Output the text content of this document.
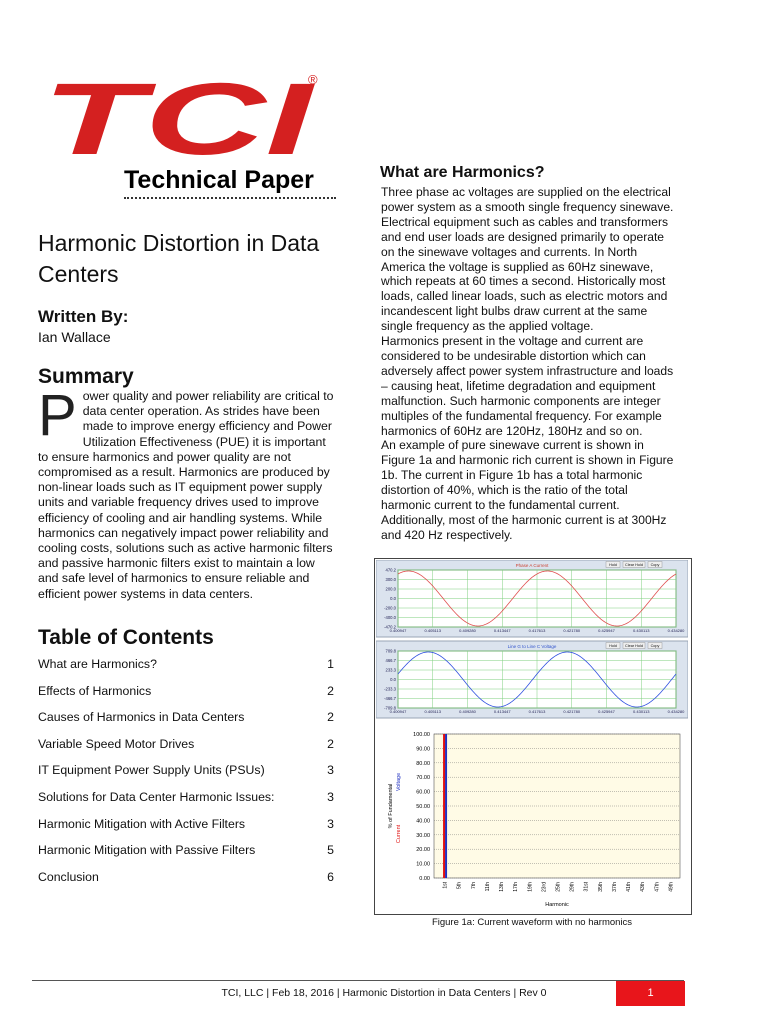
TCI
®
Technical Paper
Harmonic Distortion in Data Centers
Written By:
Ian Wallace
Summary
Power quality and power reliability are critical to data center operation. As strides have been made to improve energy efficiency and Power Utilization Effectiveness (PUE) it is important to ensure harmonics and power quality are not compromised as a result. Harmonics are produced by non-linear loads such as IT equipment power supply units and variable frequency drives used to improve efficiency of cooling and air handling systems. While harmonics can negatively impact power reliability and cooling costs, solutions such as active harmonic filters and passive harmonic filters exist to maintain a low and safe level of harmonics to ensure reliable and efficient power systems in data centers.
Table of Contents
What are Harmonics?	1
Effects of Harmonics	2
Causes of Harmonics in Data Centers	2
Variable Speed Motor Drives	2
IT Equipment Power Supply Units (PSUs)	3
Solutions for Data Center Harmonic Issues:	3
Harmonic Mitigation with Active Filters	3
Harmonic Mitigation with Passive Filters	5
Conclusion	6
What are Harmonics?
Three phase ac voltages are supplied on the electrical power system as a smooth single frequency sinewave. Electrical equipment such as cables and transformers and end user loads are designed primarily to operate on the sinewave voltages and currents. In North America the voltage is supplied as 60Hz sinewave, which repeats at 60 times a second. Historically most loads, called linear loads, such as electric motors and incandescent light bulbs draw current at the same single frequency as the applied voltage.
Harmonics present in the voltage and current are considered to be undesirable distortion which can adversely affect power system infrastructure and loads – causing heat, lifetime degradation and equipment malfunction. Such harmonic components are integer multiples of the fundamental frequency. For example harmonics of 60Hz are 120Hz, 180Hz and so on.
An example of pure sinewave current is shown in Figure 1a and harmonic rich current is shown in Figure 1b. The current in Figure 1b has a total harmonic distortion of 40%, which is the ratio of the total harmonic current to the fundamental current. Additionally, most of the harmonic current is at 300Hz and 420 Hz respectively.
Phase A Current	Hold Clear Hold Copy
470.2
300.0
200.0
0.0
-200.0
-400.0
-470.2
0.400947	0.405113	0.409280	0.413447	0.417613	0.421780	0.425947	0.430113	0.434280
Line G to Line C Voltage	Hold Clear Hold Copy
709.8
466.7
233.3
0.0
-233.3
-466.7
-709.8
0.400947	0.405113	0.409280	0.413447	0.417613	0.421780	0.425947	0.430113	0.434280
100.00
90.00
80.00
70.00
60.00
50.00
40.00
30.00
20.00
10.00
0.00
1st 5th 7th 11th 13th 17th 19th 23rd 25th 29th 31st 35th 37th 41th 43th 47th 49th
% of Fundamental
Current
Voltage
Harmonic
Figure 1a: Current waveform with no harmonics
TCI, LLC | Feb 18, 2016 | Harmonic Distortion in Data Centers | Rev 0	1
